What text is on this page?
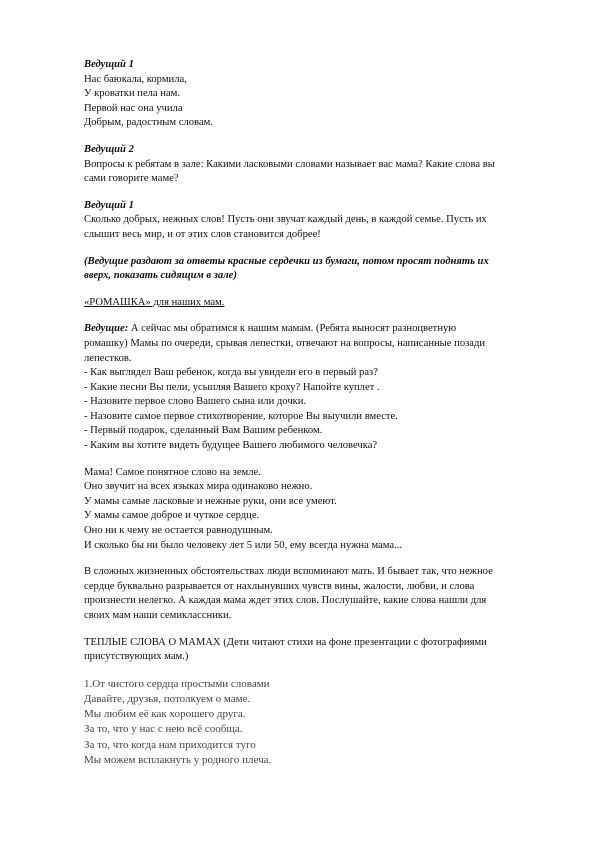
Ведущий 1
Нас баюкала, кормила,
У кроватки пела нам.
Первой нас она учила
Добрым, радостным словам.
Ведущий 2
Вопросы к ребятам в зале: Какими ласковыми словами называет вас мама? Какие слова вы
сами говорите маме?
Ведущий 1
Сколько добрых, нежных слов! Пусть они звучат каждый день, в каждой семье. Пусть их
слышит весь мир, и от этих слов становится добрее!
(Ведущие раздают за ответы красные сердечки из бумаги, потом просят поднять их
вверх, показать сидящим в зале)
«РОМАШКА» для наших мам.
Ведущие: А сейчас мы обратимся к нашим мамам. (Ребята выносят разноцветную
ромашку) Мамы по очереди, срывая лепестки, отвечают на вопросы, написанные позади
лепестков.
- Как выглядел Ваш ребенок, когда вы увидели его в первый раз?
- Какие песни Вы пели, усыпляя Вашего кроху? Напойте куплет .
- Назовите первое слово Вашего сына или дочки.
- Назовите самое первое стихотворение, которое Вы выучили вместе.
- Первый подарок, сделанный Вам Вашим ребенком.
- Каким вы хотите видеть будущее Вашего любимого человечка?
Мама! Самое понятное слово на земле.
Оно звучит на всех языках мира одинаково нежно.
У мамы самые ласковые и нежные руки, они все умеют.
У мамы самое доброе и чуткое сердце.
Оно ни к чему не остается равнодушным.
И сколько бы ни было человеку лет 5 или 50, ему всегда нужна мама...
В сложных жизненных обстоятельствах люди вспоминают мать. И бывает так, что нежное
сердце буквально разрывается от нахлынувших чувств вины, жалости, любви, и слова
произнести нелегко. А каждая мама ждет этих слов. Послушайте, какие слова нашли для
своих мам наши семиклассники.
ТЕПЛЫЕ СЛОВА О МАМАХ (Дети читают стихи на фоне презентации с фотографиями
присутствующих мам.)
1.От чистого сердца простыми словами
Давайте, друзья, потолкуем о маме.
Мы любим её как хорошего друга.
За то, что у нас с нею всё сообща.
За то, что когда нам приходится туго
Мы можем всплакнуть у родного плеча.
